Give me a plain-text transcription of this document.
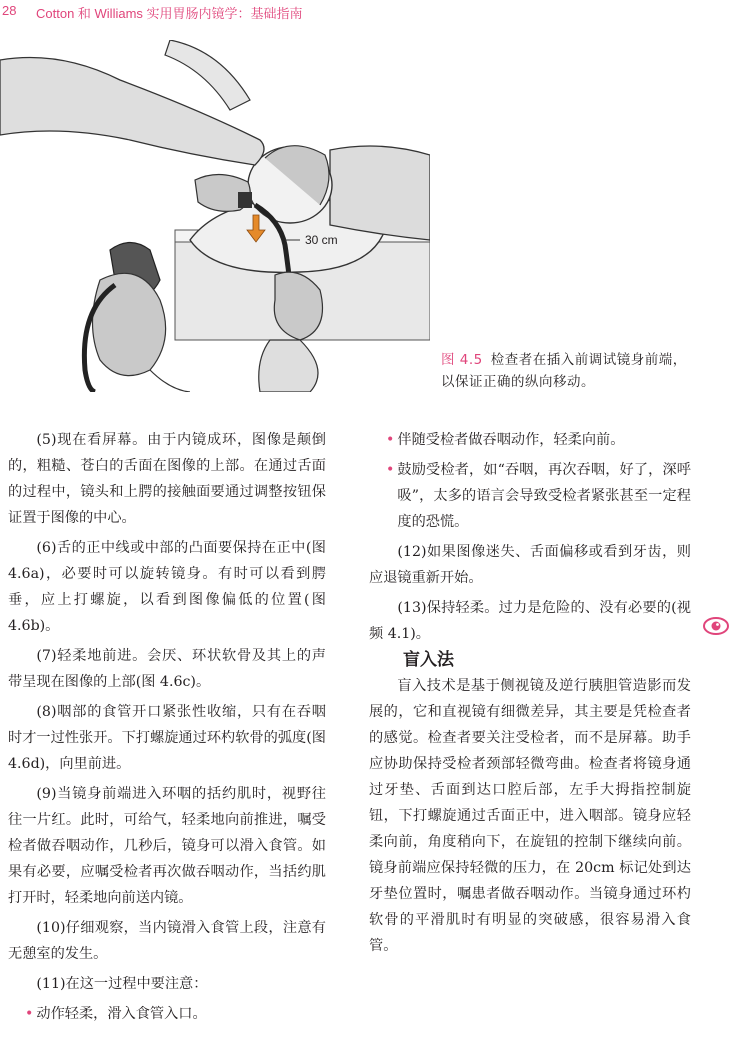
28 Cotton 和 Williams 实用胃肠内镜学：基础指南
30 cm
图 4.5 检查者在插入前调试镜身前端，以保证正确的纵向移动。

(5)现在看屏幕。由于内镜成环，图像是颠倒的，粗糙、苍白的舌面在图像的上部。在通过舌面的过程中，镜头和上腭的接触面要通过调整按钮保证置于图像的中心。

(6)舌的正中线或中部的凸面要保持在正中(图 4.6a)，必要时可以旋转镜身。有时可以看到腭垂，应上打螺旋，以看到图像偏低的位置(图 4.6b)。

(7)轻柔地前进。会厌、环状软骨及其上的声带呈现在图像的上部(图 4.6c)。

(8)咽部的食管开口紧张性收缩，只有在吞咽时才一过性张开。下打螺旋通过环杓软骨的弧度(图 4.6d)，向里前进。

(9)当镜身前端进入环咽的括约肌时，视野往往一片红。此时，可给气，轻柔地向前推进，嘱受检者做吞咽动作，几秒后，镜身可以滑入食管。如果有必要，应嘱受检者再次做吞咽动作，当括约肌打开时，轻柔地向前送内镜。

(10)仔细观察，当内镜滑入食管上段，注意有无憩室的发生。

(11)在这一过程中要注意：

• 动作轻柔，滑入食管入口。

• 伴随受检者做吞咽动作，轻柔向前。

• 鼓励受检者，如“吞咽，再次吞咽，好了，深呼吸”，太多的语言会导致受检者紧张甚至一定程度的恐慌。

(12)如果图像迷失、舌面偏移或看到牙齿，则应退镜重新开始。

(13)保持轻柔。过力是危险的、没有必要的(视频 4.1)。

盲入法

盲入技术是基于侧视镜及逆行胰胆管造影而发展的，它和直视镜有细微差异，其主要是凭检查者的感觉。检查者要关注受检者，而不是屏幕。助手应协助保持受检者颈部轻微弯曲。检查者将镜身通过牙垫、舌面到达口腔后部，左手大拇指控制旋钮，下打螺旋通过舌面正中，进入咽部。镜身应轻柔向前，角度稍向下，在旋钮的控制下继续向前。镜身前端应保持轻微的压力，在 20cm 标记处到达牙垫位置时，嘱患者做吞咽动作。当镜身通过环杓软骨的平滑肌时有明显的突破感，很容易滑入食管。
